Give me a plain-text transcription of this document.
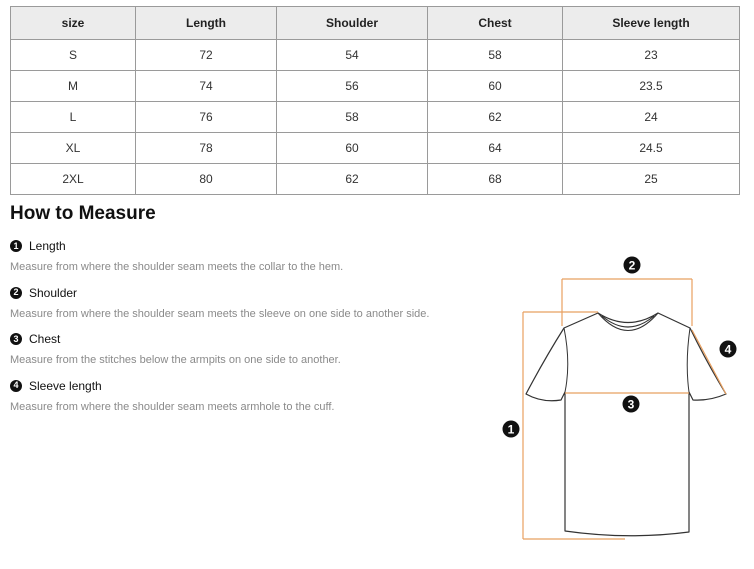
size	Length	Shoulder	Chest	Sleeve length
S	72	54	58	23
M	74	56	60	23.5
L	76	58	62	24
XL	78	60	64	24.5
2XL	80	62	68	25
How to Measure
1 Length
Measure from where the shoulder seam meets the collar to the hem.
2 Shoulder
Measure from where the shoulder seam meets the sleeve on one side to another side.
3 Chest
Measure from the stitches below the armpits on one side to another.
4 Sleeve length
Measure from where the shoulder seam meets armhole to the cuff.
1
2
3
4
